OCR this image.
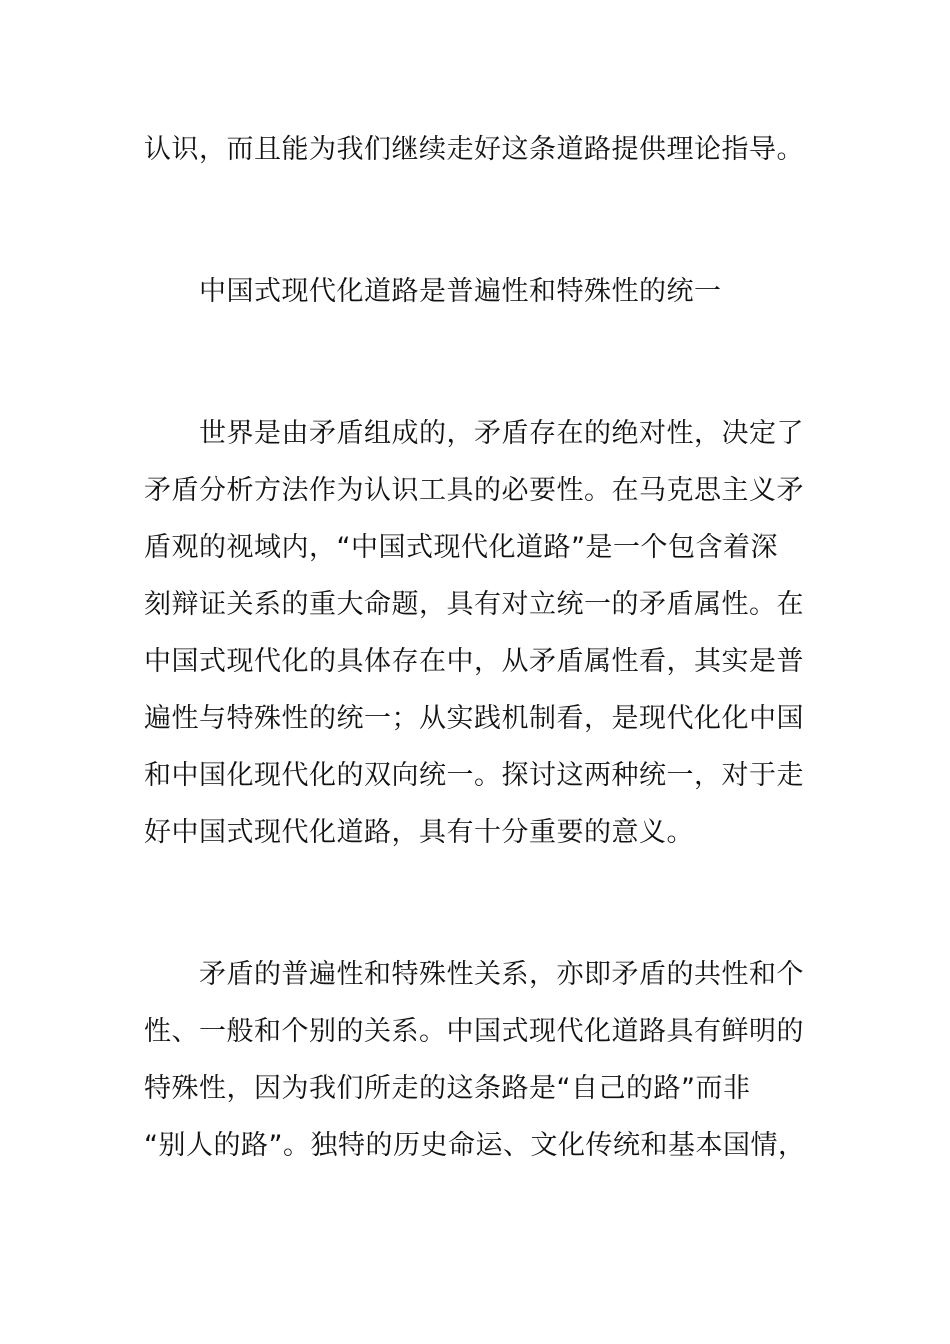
认识，而且能为我们继续走好这条道路提供理论指导。
中国式现代化道路是普遍性和特殊性的统一
世界是由矛盾组成的，矛盾存在的绝对性，决定了
矛盾分析方法作为认识工具的必要性。在马克思主义矛
盾观的视域内，“中国式现代化道路”是一个包含着深
刻辩证关系的重大命题，具有对立统一的矛盾属性。在
中国式现代化的具体存在中，从矛盾属性看，其实是普
遍性与特殊性的统一；从实践机制看，是现代化化中国
和中国化现代化的双向统一。探讨这两种统一，对于走
好中国式现代化道路，具有十分重要的意义。
矛盾的普遍性和特殊性关系，亦即矛盾的共性和个
性、一般和个别的关系。中国式现代化道路具有鲜明的
特殊性，因为我们所走的这条路是“自己的路”而非
“别人的路”。独特的历史命运、文化传统和基本国情，
